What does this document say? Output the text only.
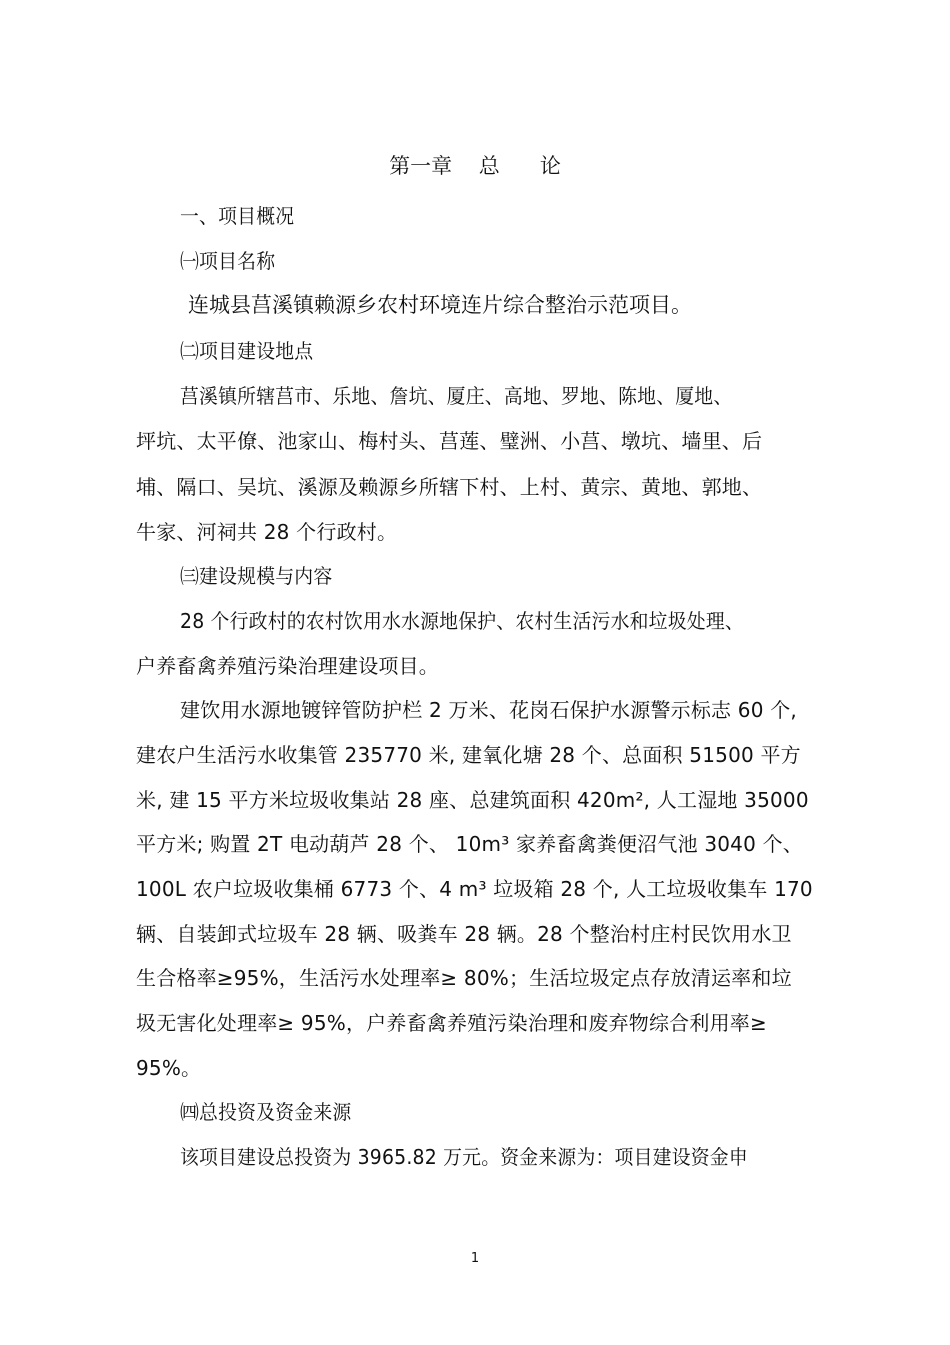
第一章    总      论
一、项目概况
㈠项目名称
连城县莒溪镇赖源乡农村环境连片综合整治示范项目。
㈡项目建设地点
莒溪镇所辖莒市、乐地、詹坑、厦庄、高地、罗地、陈地、厦地、
坪坑、太平僚、池家山、梅村头、莒莲、璧洲、小莒、墩坑、墙里、后
埔、隔口、吴坑、溪源及赖源乡所辖下村、上村、黄宗、黄地、郭地、
牛家、河祠共 28 个行政村。
㈢建设规模与内容
28 个行政村的农村饮用水水源地保护、农村生活污水和垃圾处理、
户养畜禽养殖污染治理建设项目。
建饮用水源地镀锌管防护栏 2 万米、花岗石保护水源警示标志 60 个,
建农户生活污水收集管 235770 米, 建氧化塘 28 个、总面积 51500 平方
米, 建 15 平方米垃圾收集站 28 座、总建筑面积 420m², 人工湿地 35000
平方米; 购置 2T 电动葫芦 28 个、 10m³ 家养畜禽粪便沼气池 3040 个、
100L 农户垃圾收集桶 6773 个、4 m³ 垃圾箱 28 个, 人工垃圾收集车 170
辆、自装卸式垃圾车 28 辆、吸粪车 28 辆。28 个整治村庄村民饮用水卫
生合格率≥95%，生活污水处理率≥ 80%；生活垃圾定点存放清运率和垃
圾无害化处理率≥ 95%，户养畜禽养殖污染治理和废弃物综合利用率≥
95%。
㈣总投资及资金来源
该项目建设总投资为 3965.82 万元。资金来源为：项目建设资金申
1
